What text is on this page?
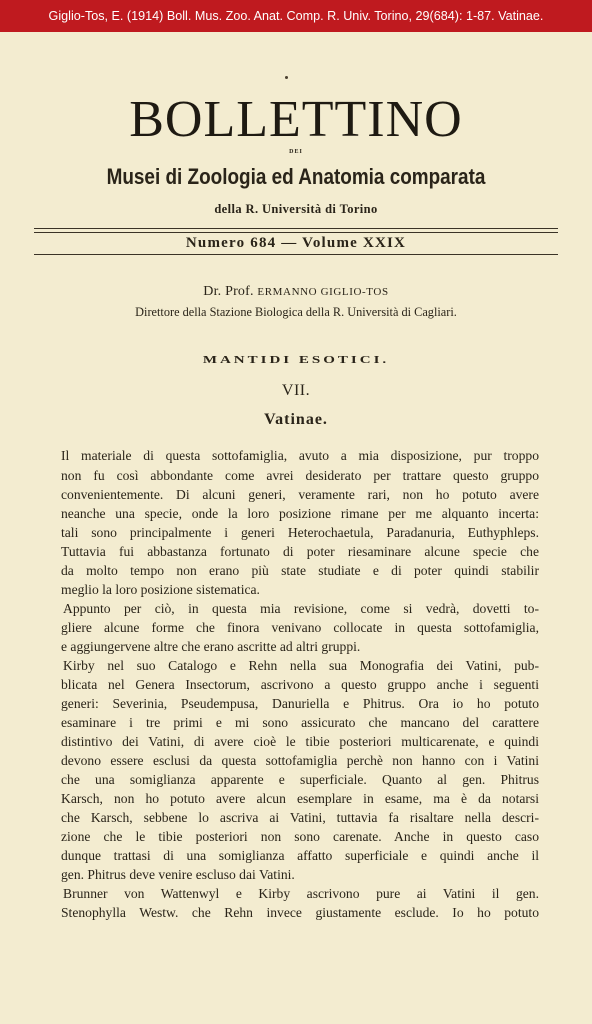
Giglio-Tos, E. (1914) Boll. Mus. Zoo. Anat. Comp. R. Univ. Torino, 29(684): 1-87. Vatinae.
BOLLETTINO
DEI
Musei di Zoologia ed Anatomia comparata
della R. Università di Torino
Numero 684 — Volume XXIX
Dr. Prof. ERMANNO GIGLIO-TOS
Direttore della Stazione Biologica della R. Università di Cagliari.
MANTIDI ESOTICI.
VII.
Vatinae.
Il materiale di questa sottofamiglia, avuto a mia disposizione, pur troppo
non fu così abbondante come avrei desiderato per trattare questo gruppo
convenientemente. Di alcuni generi, veramente rari, non ho potuto avere
neanche una specie, onde la loro posizione rimane per me alquanto incerta:
tali sono principalmente i generi Heterochaetula, Paradanuria, Euthyphleps.
Tuttavia fui abbastanza fortunato di poter riesaminare alcune specie che
da molto tempo non erano più state studiate e di poter quindi stabilir
meglio la loro posizione sistematica.
Appunto per ciò, in questa mia revisione, come si vedrà, dovetti to-
gliere alcune forme che finora venivano collocate in questa sottofamiglia,
e aggiungervene altre che erano ascritte ad altri gruppi.
Kirby nel suo Catalogo e Rehn nella sua Monografia dei Vatini, pub-
blicata nel Genera Insectorum, ascrivono a questo gruppo anche i seguenti
generi: Severinia, Pseudempusa, Danuriella e Phitrus. Ora io ho potuto
esaminare i tre primi e mi sono assicurato che mancano del carattere
distintivo dei Vatini, di avere cioè le tibie posteriori multicarenate, e quindi
devono essere esclusi da questa sottofamiglia perchè non hanno con i Vatini
che una somiglianza apparente e superficiale. Quanto al gen. Phitrus
Karsch, non ho potuto avere alcun esemplare in esame, ma è da notarsi
che Karsch, sebbene lo ascriva ai Vatini, tuttavia fa risaltare nella descri-
zione che le tibie posteriori non sono carenate. Anche in questo caso
dunque trattasi di una somiglianza affatto superficiale e quindi anche il
gen. Phitrus deve venire escluso dai Vatini.
Brunner von Wattenwyl e Kirby ascrivono pure ai Vatini il gen.
Stenophylla Westw. che Rehn invece giustamente esclude. Io ho potuto
